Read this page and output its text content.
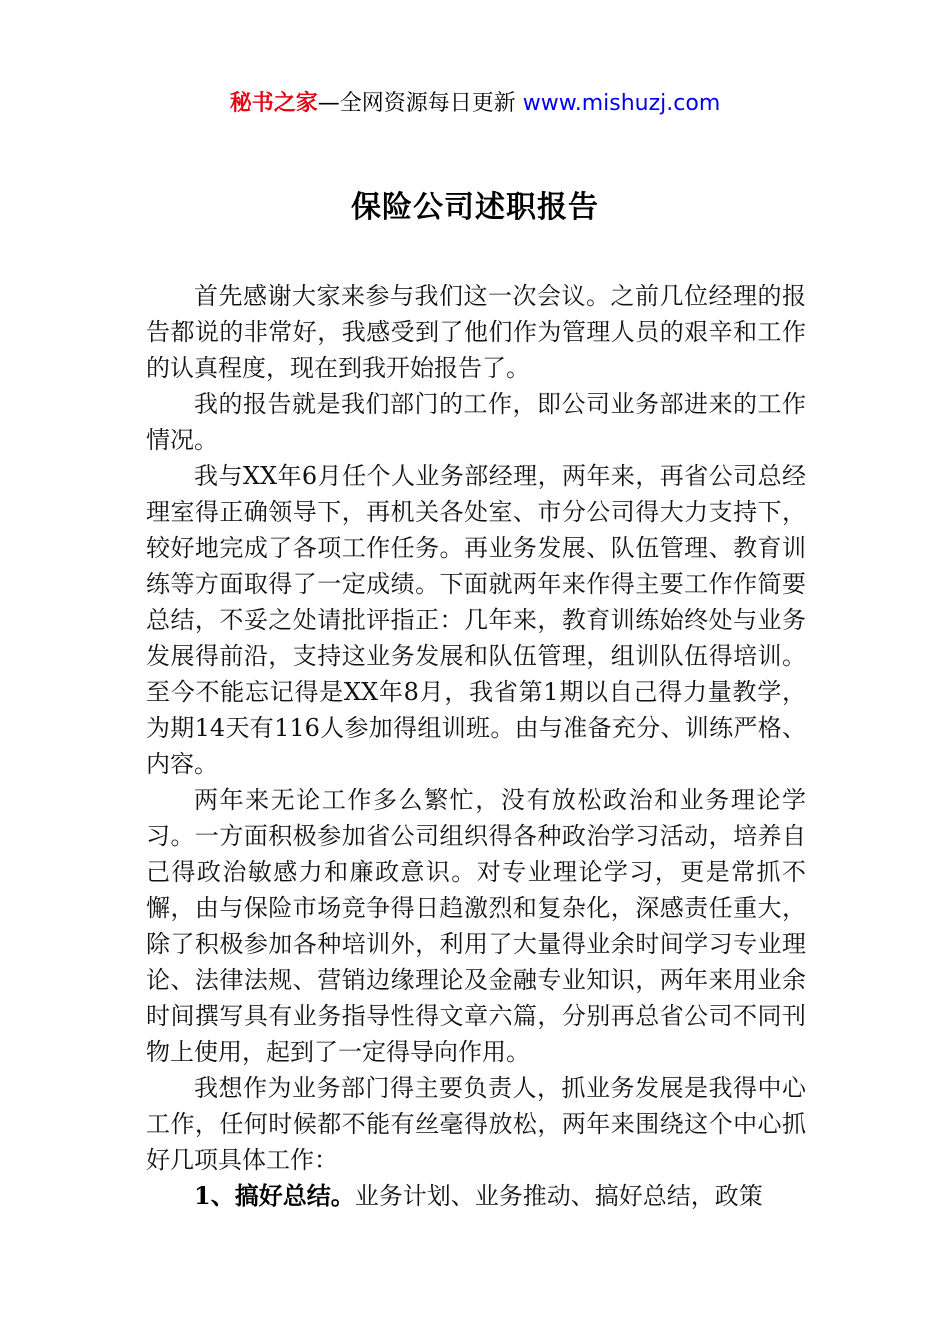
秘书之家—全网资源每日更新 www.mishuzj.com
保险公司述职报告

首先感谢大家来参与我们这一次会议。之前几位经理的报告都说的非常好，我感受到了他们作为管理人员的艰辛和工作的认真程度，现在到我开始报告了。

我的报告就是我们部门的工作，即公司业务部进来的工作情况。

我与XX年6月任个人业务部经理，两年来，再省公司总经理室得正确领导下，再机关各处室、市分公司得大力支持下，较好地完成了各项工作任务。再业务发展、队伍管理、教育训练等方面取得了一定成绩。下面就两年来作得主要工作作简要总结，不妥之处请批评指正：几年来，教育训练始终处与业务发展得前沿，支持这业务发展和队伍管理，组训队伍得培训。至今不能忘记得是XX年8月，我省第1期以自己得力量教学，为期14天有116人参加得组训班。由与准备充分、训练严格、内容。

两年来无论工作多么繁忙，没有放松政治和业务理论学习。一方面积极参加省公司组织得各种政治学习活动，培养自己得政治敏感力和廉政意识。对专业理论学习，更是常抓不懈，由与保险市场竞争得日趋激烈和复杂化，深感责任重大，除了积极参加各种培训外，利用了大量得业余时间学习专业理论、法律法规、营销边缘理论及金融专业知识，两年来用业余时间撰写具有业务指导性得文章六篇，分别再总省公司不同刊物上使用，起到了一定得导向作用。

我想作为业务部门得主要负责人，抓业务发展是我得中心工作，任何时候都不能有丝毫得放松，两年来围绕这个中心抓好几项具体工作：

1、搞好总结。业务计划、业务推动、搞好总结，政策
